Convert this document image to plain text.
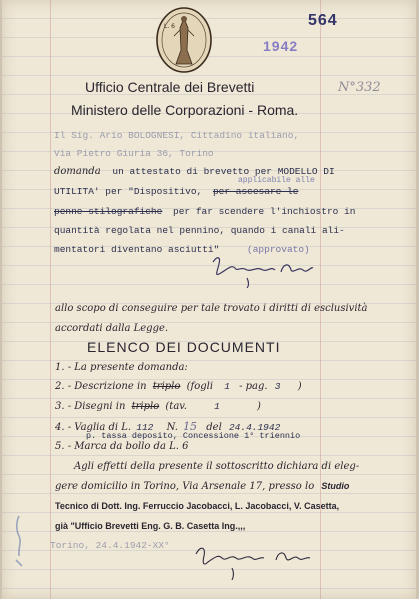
L. 6	564
1942
N°332
Ufficio Centrale dei Brevetti
Ministero delle Corporazioni - Roma.
Il Sig. Ario BOLOGNESI, Cittadino italiano,
Via Pietro Giuria 36, Torino
domanda un attestato di brevetto per MODELLO DI
applicabile alle
UTILITA' per "Dispositivo, per ascesare le
penne stilografiche per far scendere l'inchiostro in
quantità regolata nel pennino, quando i canali ali-
mentatori diventano asciutti"	(approvato)
allo scopo di conseguire per tale trovato i diritti di esclusività
accordati dalla Legge.
ELENCO DEI DOCUMENTI
1. - La presente domanda:
2. - Descrizione in triplo (fogli 1 - pag. 3 )
3. - Disegni in triplo (tav.	1	)
4. - Vaglia di L. 112 N. 15 del 24.4.1942
p. tassa deposito, Concessione 1° triennio
5. - Marca da bollo da L. 6
Agli effetti della presente il sottoscritto dichiara di eleg-
gere domicilio in Torino, Via Arsenale 17, presso lo Studio
Tecnico di Dott. Ing. Ferruccio Jacobacci, L. Jacobacci, V. Casetta,
già "Ufficio Brevetti Eng. G. B. Casetta Ing.,,,
Torino, 24.4.1942-XX°
